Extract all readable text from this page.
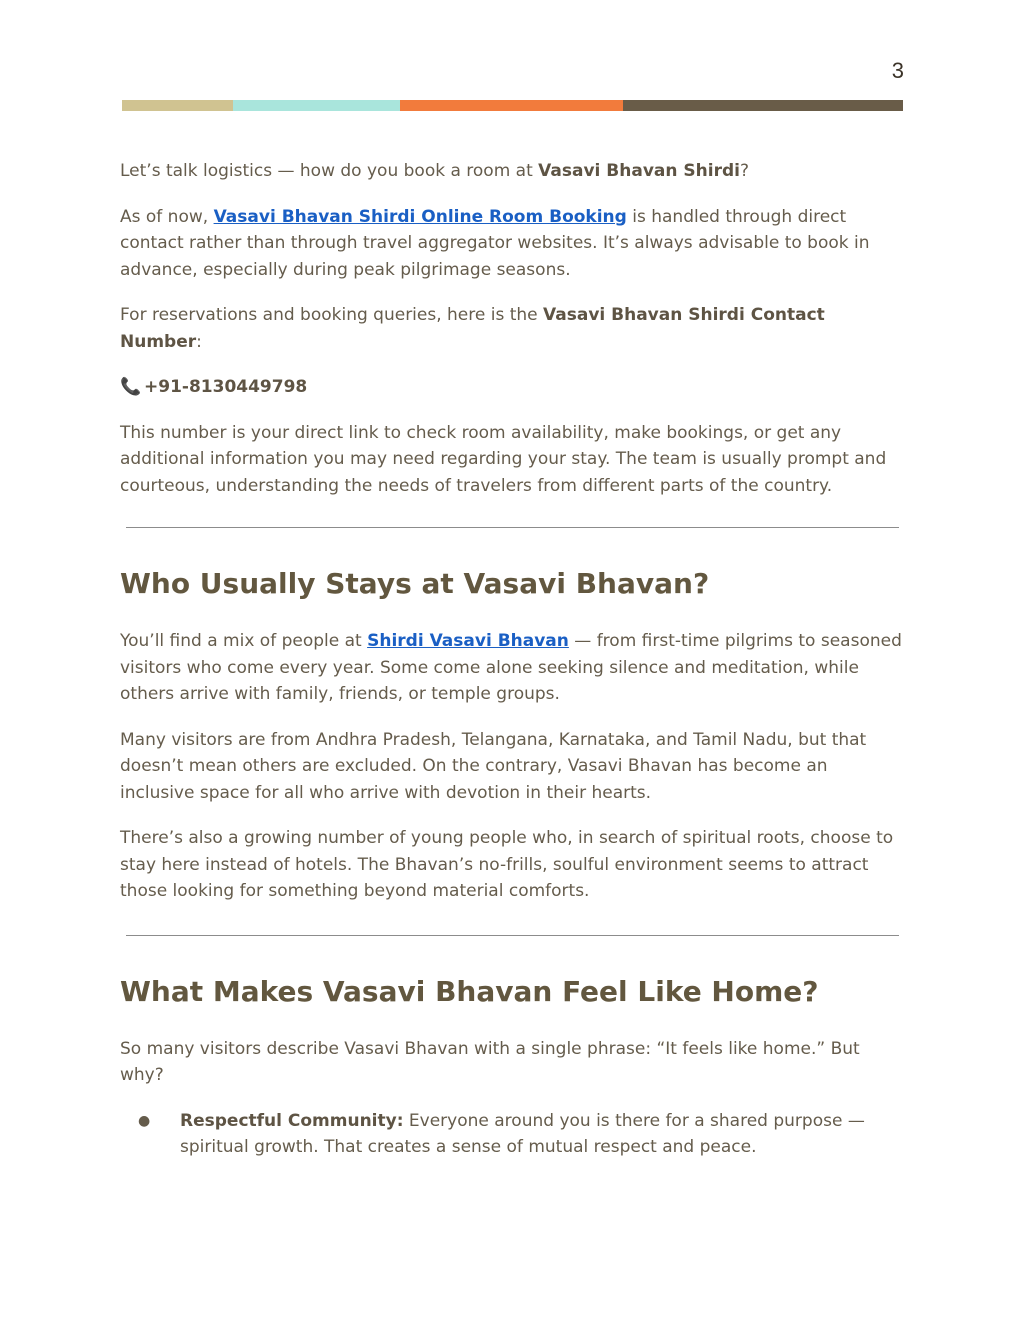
3

Let’s talk logistics — how do you book a room at Vasavi Bhavan Shirdi?

As of now, Vasavi Bhavan Shirdi Online Room Booking is handled through direct contact rather than through travel aggregator websites. It’s always advisable to book in advance, especially during peak pilgrimage seasons.

For reservations and booking queries, here is the Vasavi Bhavan Shirdi Contact Number:

📞 +91-8130449798

This number is your direct link to check room availability, make bookings, or get any additional information you may need regarding your stay. The team is usually prompt and courteous, understanding the needs of travelers from different parts of the country.

Who Usually Stays at Vasavi Bhavan?

You’ll find a mix of people at Shirdi Vasavi Bhavan — from first-time pilgrims to seasoned visitors who come every year. Some come alone seeking silence and meditation, while others arrive with family, friends, or temple groups.

Many visitors are from Andhra Pradesh, Telangana, Karnataka, and Tamil Nadu, but that doesn’t mean others are excluded. On the contrary, Vasavi Bhavan has become an inclusive space for all who arrive with devotion in their hearts.

There’s also a growing number of young people who, in search of spiritual roots, choose to stay here instead of hotels. The Bhavan’s no-frills, soulful environment seems to attract those looking for something beyond material comforts.

What Makes Vasavi Bhavan Feel Like Home?

So many visitors describe Vasavi Bhavan with a single phrase: “It feels like home.” But why?

● Respectful Community: Everyone around you is there for a shared purpose — spiritual growth. That creates a sense of mutual respect and peace.
